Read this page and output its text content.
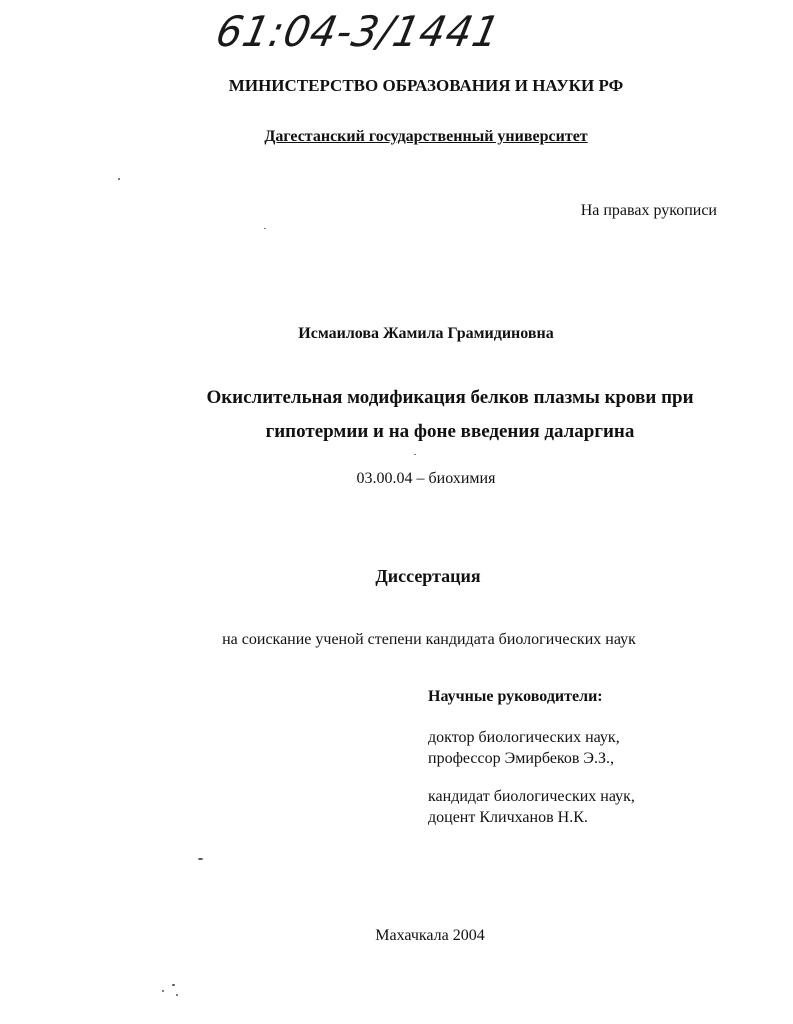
61:04-3/1441
МИНИСТЕРСТВО ОБРАЗОВАНИЯ И НАУКИ РФ
Дагестанский государственный университет
На правах рукописи
Исмаилова Жамила Грамидиновна
Окислительная модификация белков плазмы крови при
гипотермии и на фоне введения даларгина
03.00.04 – биохимия
Диссертация
на соискание ученой степени кандидата биологических наук
Научные руководители:
доктор биологических наук,
профессор Эмирбеков Э.З.,
кандидат биологических наук,
доцент Кличханов Н.К.
Махачкала 2004
